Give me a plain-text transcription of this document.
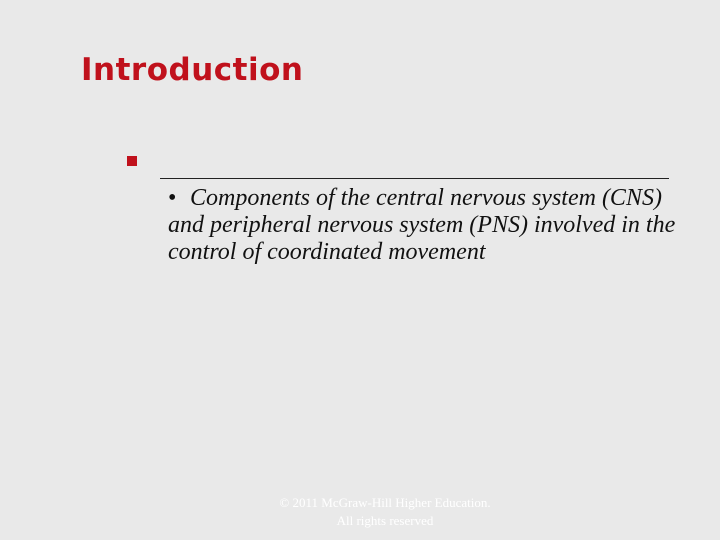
Introduction

• Components of the central nervous system (CNS) and peripheral nervous system (PNS) involved in the control of coordinated movement

© 2011 McGraw-Hill Higher Education.
All rights reserved
